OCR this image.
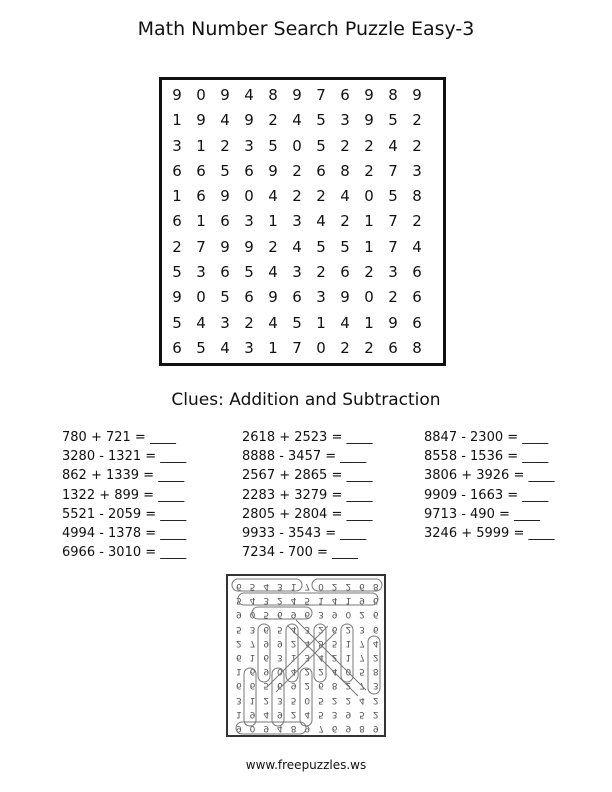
Math Number Search Puzzle Easy-3
9 0 9 4 8 9 7 6 9 8 9
1 9 4 9 2 4 5 3 9 5 2
3 1 2 3 5 0 5 2 2 4 2
6 6 5 6 9 2 6 8 2 7 3
1 6 9 0 4 2 2 4 0 5 8
6 1 6 3 1 3 4 2 1 7 2
2 7 9 9 2 4 5 5 1 7 4
5 3 6 5 4 3 2 6 2 3 6
9 0 5 6 9 6 3 9 0 2 6
5 4 3 2 4 5 1 4 1 9 6
6 5 4 3 1 7 0 2 2 6 8
Clues: Addition and Subtraction
780 + 721 = ____
3280 - 1321 = ____
862 + 1339 = ____
1322 + 899 = ____
5521 - 2059 = ____
4994 - 1378 = ____
6966 - 3010 = ____
2618 + 2523 = ____
8888 - 3457 = ____
2567 + 2865 = ____
2283 + 3279 = ____
2805 + 2804 = ____
9933 - 3543 = ____
7234 - 700 = ____
8847 - 2300 = ____
8558 - 1536 = ____
3806 + 3926 = ____
9909 - 1663 = ____
9713 - 490 = ____
3246 + 5999 = ____
9 0 9 4 8 9 7 6 9 8 9
1 9 4 9 2 4 5 3 9 5 2
3 1 2 3 5 0 5 2 2 4 2
6 6 5 6 9 2 6 8 2 7 3
1 6 9 0 4 2 2 4 0 5 8
6 1 6 3 1 3 4 2 1 7 2
2 7 9 9 2 4 5 5 1 7 4
5 3 6 5 4 3 2 6 2 3 6
9 0 5 6 9 6 3 9 0 2 6
5 4 3 2 4 5 1 4 1 9 6
6 5 4 3 1 7 0 2 2 6 8
www.freepuzzles.ws
